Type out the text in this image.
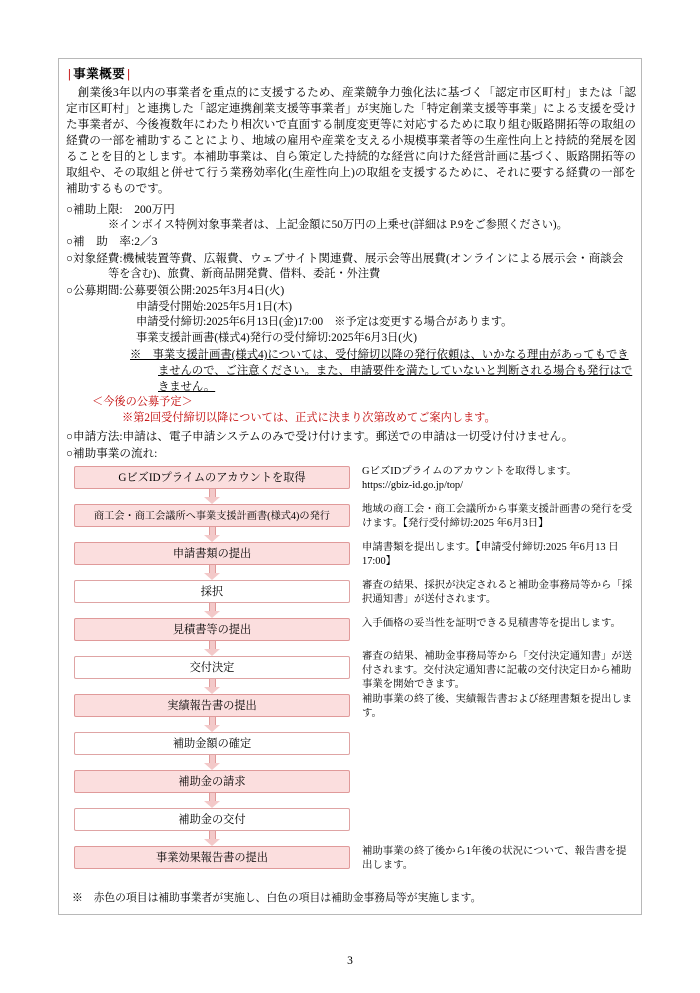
| 事業概要 |

創業後3年以内の事業者を重点的に支援するため、産業競争力強化法に基づく「認定市区町村」または「認定市区町村」と連携した「認定連携創業支援等事業者」が実施した「特定創業支援等事業」による支援を受けた事業者が、今後複数年にわたり相次いで直面する制度変更等に対応するために取り組む販路開拓等の取組の経費の一部を補助することにより、地域の雇用や産業を支える小規模事業者等の生産性向上と持続的発展を図ることを目的とします。本補助事業は、自ら策定した持続的な経営に向けた経営計画に基づく、販路開拓等の取組や、その取組と併せて行う業務効率化(生産性向上)の取組を支援するために、それに要する経費の一部を補助するものです。

○補助上限:　200万円
※インボイス特例対象事業者は、上記金額に50万円の上乗せ(詳細は P.9をご参照ください)。
○補　助　率:2／3
○対象経費:機械装置等費、広報費、ウェブサイト関連費、展示会等出展費(オンラインによる展示会・商談会
等を含む)、旅費、新商品開発費、借料、委託・外注費
○公募期間:公募要領公開:2025年3月4日(火)
申請受付開始:2025年5月1日(木)
申請受付締切:2025年6月13日(金)17:00　※予定は変更する場合があります。
事業支援計画書(様式4)発行の受付締切:2025年6月3日(火)
※　事業支援計画書(様式4)については、受付締切以降の発行依頼は、いかなる理由があってもできませんので、ご注意ください。また、申請要件を満たしていないと判断される場合も発行はできません。
＜今後の公募予定＞
※第2回受付締切以降については、正式に決まり次第改めてご案内します。
○申請方法:申請は、電子申請システムのみで受け付けます。郵送での申請は一切受け付けません。
○補助事業の流れ:
GビズIDプライムのアカウントを取得
GビズIDプライムのアカウントを取得します。
https://gbiz-id.go.jp/top/
商工会・商工会議所へ事業支援計画書(様式4)の発行
地域の商工会・商工会議所から事業支援計画書の発行を受けます。【発行受付締切:2025 年6月3日】
申請書類の提出
申請書類を提出します。【申請受付締切:2025 年6月13 日 17:00】
採択
審査の結果、採択が決定されると補助金事務局等から「採択通知書」が送付されます。
見積書等の提出
入手価格の妥当性を証明できる見積書等を提出します。
交付決定
審査の結果、補助金事務局等から「交付決定通知書」が送付されます。交付決定通知書に記載の交付決定日から補助事業を開始できます。
実績報告書の提出
補助事業の終了後、実績報告書および経理書類を提出します。
補助金額の確定
補助金の請求
補助金の交付
事業効果報告書の提出
補助事業の終了後から1年後の状況について、報告書を提出します。
※　赤色の項目は補助事業者が実施し、白色の項目は補助金事務局等が実施します。
3
